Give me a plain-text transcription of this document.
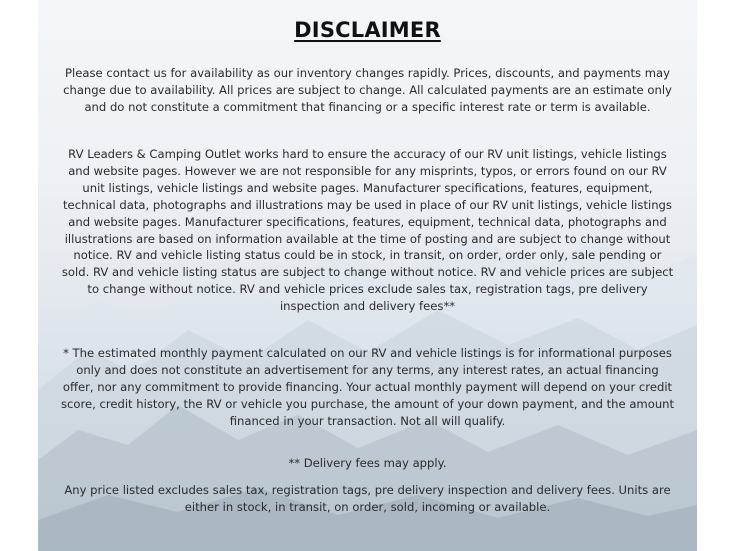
DISCLAIMER

Please contact us for availability as our inventory changes rapidly. Prices, discounts, and payments may change due to availability. All prices are subject to change. All calculated payments are an estimate only and do not constitute a commitment that financing or a specific interest rate or term is available.

RV Leaders & Camping Outlet works hard to ensure the accuracy of our RV unit listings, vehicle listings and website pages. However we are not responsible for any misprints, typos, or errors found on our RV unit listings, vehicle listings and website pages. Manufacturer specifications, features, equipment, technical data, photographs and illustrations may be used in place of our RV unit listings, vehicle listings and website pages. Manufacturer specifications, features, equipment, technical data, photographs and illustrations are based on information available at the time of posting and are subject to change without notice. RV and vehicle listing status could be in stock, in transit, on order, order only, sale pending or sold. RV and vehicle listing status are subject to change without notice. RV and vehicle prices are subject to change without notice. RV and vehicle prices exclude sales tax, registration tags, pre delivery inspection and delivery fees**

* The estimated monthly payment calculated on our RV and vehicle listings is for informational purposes only and does not constitute an advertisement for any terms, any interest rates, an actual financing offer, nor any commitment to provide financing. Your actual monthly payment will depend on your credit score, credit history, the RV or vehicle you purchase, the amount of your down payment, and the amount financed in your transaction. Not all will qualify.

** Delivery fees may apply.

Any price listed excludes sales tax, registration tags, pre delivery inspection and delivery fees. Units are either in stock, in transit, on order, sold, incoming or available.
